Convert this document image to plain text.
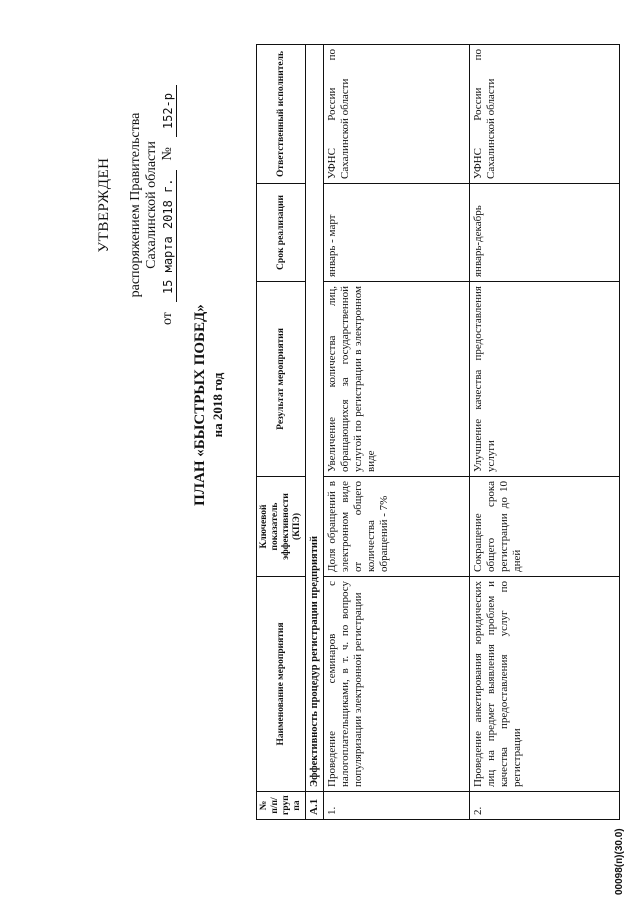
УТВЕРЖДЕН распоряжением Правительства Сахалинской области
от
15 марта 2018 г.
№
152-р
ПЛАН «БЫСТРЫХ ПОБЕД» на 2018 год
№ п/п/ груп па	Наименование мероприятия	Ключевой показатель эффективности (КПЭ)	Результат мероприятия	Срок реализации	Ответственный исполнитель
А.1	Эффективность процедур регистрации предприятий				
1.	Проведение семинаров с налогоплательщиками, в т. ч. по вопросу популяризации электронной регистрации	Доля обращений в электронном виде от общего количества обращений - 7%	Увеличение количества лиц, обращающихся за государственной услугой по регистрации в электронном виде	январь - март	УФНС России по Сахалинской области
2.	Проведение анкетирования юридических лиц на предмет выявления проблем и качества предоставления услуг по регистрации	Сокращение общего срока регистрации до 10 дней	Улучшение качества предоставления услуги	январь-декабрь	УФНС России по Сахалинской области
00098(п)(30.0)
